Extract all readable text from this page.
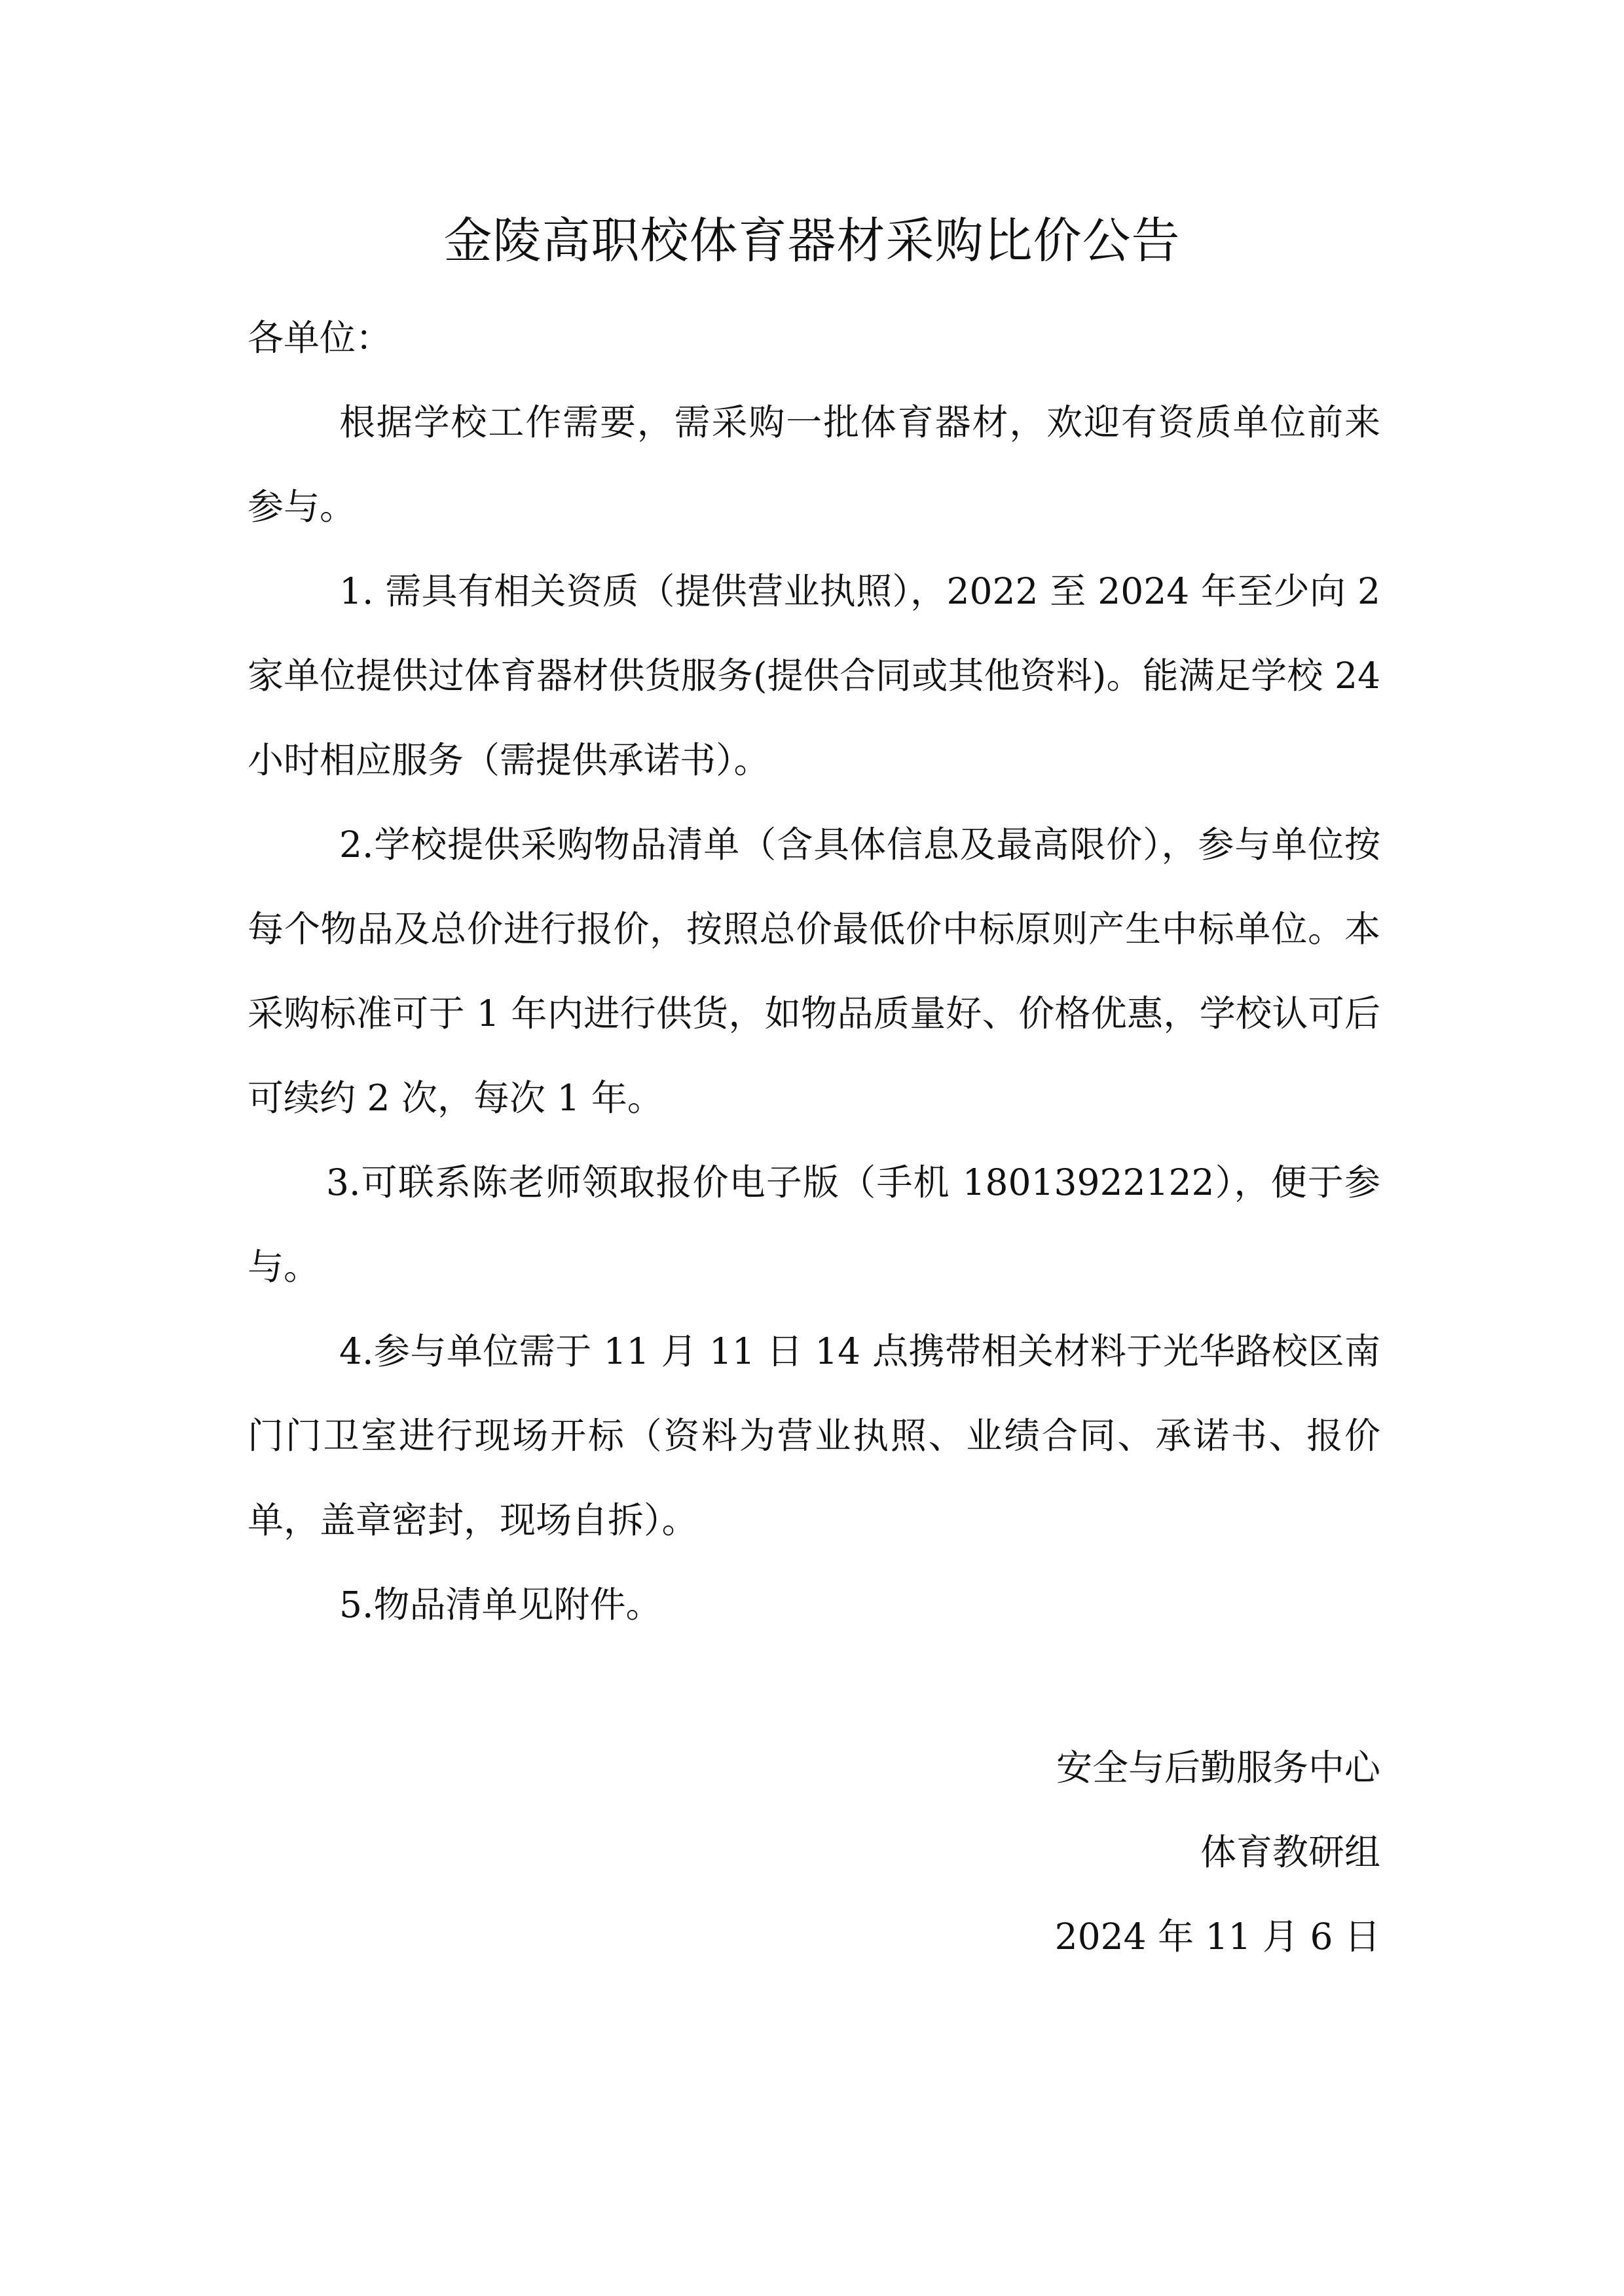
金陵高职校体育器材采购比价公告

各单位：

根据学校工作需要，需采购一批体育器材，欢迎有资质单位前来参与。

1. 需具有相关资质（提供营业执照），2022 至 2024 年至少向 2 家单位提供过体育器材供货服务(提供合同或其他资料)。能满足学校 24 小时相应服务（需提供承诺书）。

2.学校提供采购物品清单（含具体信息及最高限价），参与单位按每个物品及总价进行报价，按照总价最低价中标原则产生中标单位。本采购标准可于 1 年内进行供货，如物品质量好、价格优惠，学校认可后可续约 2 次，每次 1 年。

3.可联系陈老师领取报价电子版（手机 18013922122），便于参与。

4.参与单位需于 11 月 11 日 14 点携带相关材料于光华路校区南门门卫室进行现场开标（资料为营业执照、业绩合同、承诺书、报价单，盖章密封，现场自拆）。

5.物品清单见附件。

安全与后勤服务中心
体育教研组
2024 年 11 月 6 日
